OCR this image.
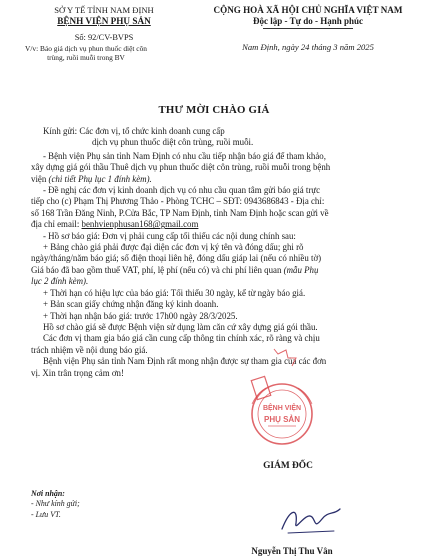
SỞ Y TẾ TỈNH NAM ĐỊNH
BỆNH VIỆN PHỤ SẢN
Số: 92/CV-BVPS
V/v: Báo giá dịch vụ phun thuốc diệt côn
trùng, ruồi muỗi trong BV
CỘNG HOÀ XÃ HỘI CHỦ NGHĨA VIỆT NAM
Độc lập - Tự do - Hạnh phúc
Nam Định, ngày 24 tháng 3 năm 2025
THƯ MỜI CHÀO GIÁ

Kính gửi: Các đơn vị, tổ chức kinh doanh cung cấp

dịch vụ phun thuốc diệt côn trùng, ruồi muỗi.

- Bệnh viện Phụ sản tỉnh Nam Định có nhu cầu tiếp nhận báo giá để tham khảo,

xây dựng giá gói thầu Thuê dịch vụ phun thuốc diệt côn trùng, ruồi muỗi trong bệnh

viện (chi tiết Phụ lục 1 đính kèm).

- Đề nghị các đơn vị kinh doanh dịch vụ có nhu cầu quan tâm gửi báo giá trực

tiếp cho (c) Phạm Thị Phương Thảo - Phòng TCHC – SĐT: 0943686843 - Địa chỉ:

số 168 Trần Đăng Ninh, P.Cửa Bắc, TP Nam Định, tỉnh Nam Định hoặc scan gửi về

địa chỉ email: benhvienphusan168@gmail.com

- Hồ sơ báo giá: Đơn vị phải cung cấp tối thiểu các nội dung chính sau:

+ Bảng chào giá phải được đại diện các đơn vị ký tên và đóng dấu; ghi rõ

ngày/tháng/năm báo giá; số điện thoại liên hệ, đóng dấu giáp lai (nếu có nhiều tờ)

Giá báo đã bao gồm thuế VAT, phí, lệ phí (nếu có) và chi phí liên quan (mẫu Phụ

lục 2 đính kèm).

+ Thời hạn có hiệu lực của báo giá: Tối thiểu 30 ngày, kể từ ngày báo giá.

+ Bản scan giấy chứng nhận đăng ký kinh doanh.

+ Thời hạn nhận báo giá: trước 17h00 ngày 28/3/2025.

Hồ sơ chào giá sẽ được Bệnh viện sử dụng làm căn cứ xây dựng giá gói thầu.

Các đơn vị tham gia báo giá cần cung cấp thông tin chính xác, rõ ràng và chịu

trách nhiệm về nội dung báo giá.

Bệnh viện Phụ sản tỉnh Nam Định rất mong nhận được sự tham gia của các đơn

vị. Xin trân trọng cảm ơn!

Nơi nhận:
- Như kính gửi;
- Lưu VT.
BỆNH VIỆN
PHỤ SẢN
GIÁM ĐỐC
Nguyễn Thị Thu Vân
